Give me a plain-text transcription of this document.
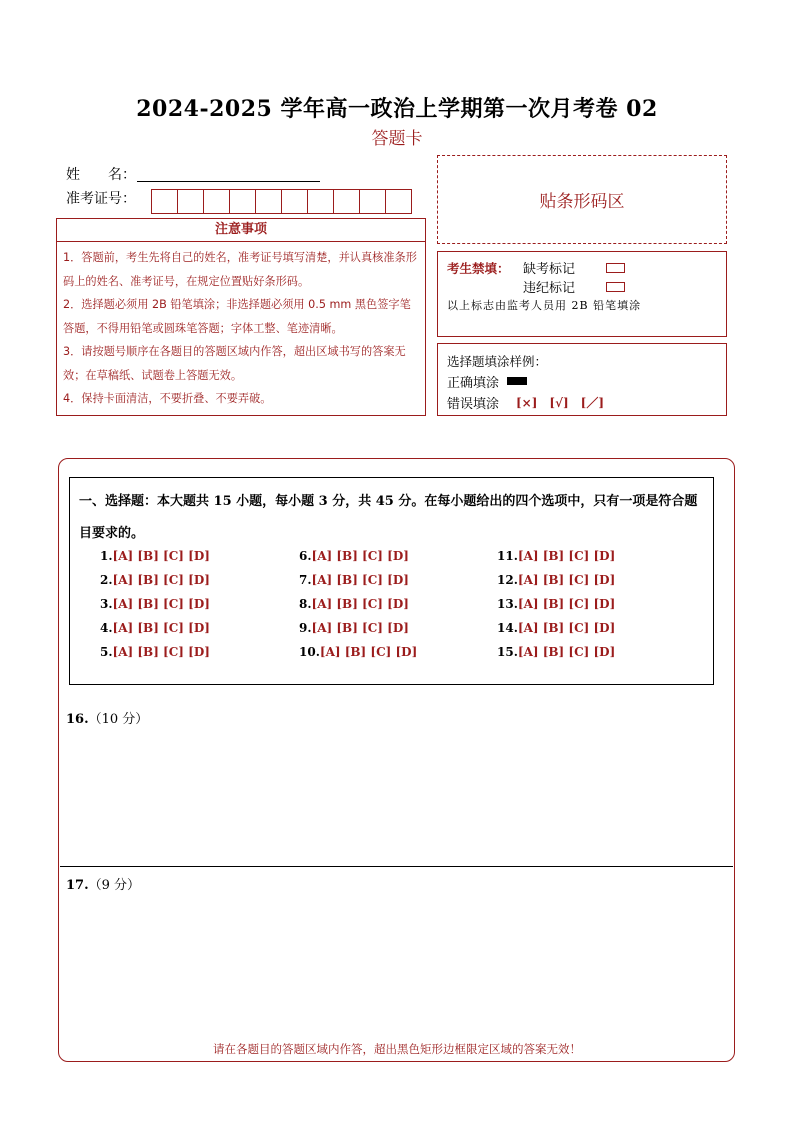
2024-2025 学年高一政治上学期第一次月考卷 02
答题卡
姓　　名：
准考证号：	贴条形码区
注意事项

1．答题前，考生先将自己的姓名，准考证号填写清楚，并认真核准条形码上的姓名、准考证号，在规定位置贴好条形码。

2．选择题必须用 2B 铅笔填涂；非选择题必须用 0.5 mm 黑色签字笔答题，不得用铅笔或圆珠笔答题；字体工整、笔迹清晰。

3．请按题号顺序在各题目的答题区域内作答，超出区域书写的答案无效；在草稿纸、试题卷上答题无效。

4．保持卡面清洁，不要折叠、不要弄破。

考生禁填： 缺考标记
违纪标记
以上标志由监考人员用 2B 铅笔填涂
选择题填涂样例：
正确填涂
错误填涂 [×]　[√]　[／]
一、选择题：本大题共 15 小题，每小题 3 分，共 45 分。在每小题给出的四个选项中，只有一项是符合题目要求的。
1.[A] [B] [C] [D]
2.[A] [B] [C] [D]
3.[A] [B] [C] [D]
4.[A] [B] [C] [D]
5.[A] [B] [C] [D]
6.[A] [B] [C] [D]
7.[A] [B] [C] [D]
8.[A] [B] [C] [D]
9.[A] [B] [C] [D]
10.[A] [B] [C] [D]
11.[A] [B] [C] [D]
12.[A] [B] [C] [D]
13.[A] [B] [C] [D]
14.[A] [B] [C] [D]
15.[A] [B] [C] [D]
16.（10 分）
17.（9 分）
请在各题目的答题区域内作答，超出黑色矩形边框限定区域的答案无效！
